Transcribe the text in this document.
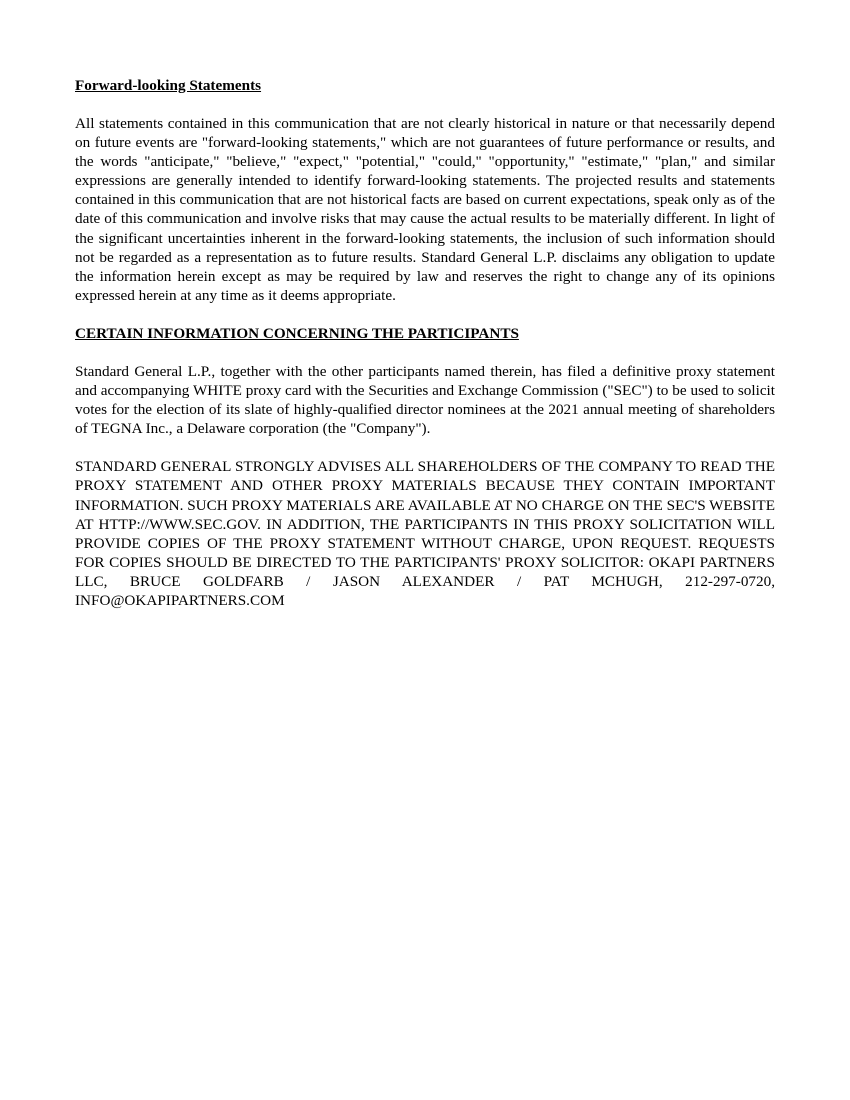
Forward-looking Statements

All statements contained in this communication that are not clearly historical in nature or that necessarily depend on future events are "forward-looking statements," which are not guarantees of future performance or results, and the words "anticipate," "believe," "expect," "potential," "could," "opportunity," "estimate," "plan," and similar expressions are generally intended to identify forward-looking statements. The projected results and statements contained in this communication that are not historical facts are based on current expectations, speak only as of the date of this communication and involve risks that may cause the actual results to be materially different. In light of the significant uncertainties inherent in the forward-looking statements, the inclusion of such information should not be regarded as a representation as to future results. Standard General L.P. disclaims any obligation to update the information herein except as may be required by law and reserves the right to change any of its opinions expressed herein at any time as it deems appropriate.

CERTAIN INFORMATION CONCERNING THE PARTICIPANTS

Standard General L.P., together with the other participants named therein, has filed a definitive proxy statement and accompanying WHITE proxy card with the Securities and Exchange Commission ("SEC") to be used to solicit votes for the election of its slate of highly-qualified director nominees at the 2021 annual meeting of shareholders of TEGNA Inc., a Delaware corporation (the "Company").

STANDARD GENERAL STRONGLY ADVISES ALL SHAREHOLDERS OF THE COMPANY TO READ THE PROXY STATEMENT AND OTHER PROXY MATERIALS BECAUSE THEY CONTAIN IMPORTANT INFORMATION. SUCH PROXY MATERIALS ARE AVAILABLE AT NO CHARGE ON THE SEC'S WEBSITE AT HTTP://WWW.SEC.GOV. IN ADDITION, THE PARTICIPANTS IN THIS PROXY SOLICITATION WILL PROVIDE COPIES OF THE PROXY STATEMENT WITHOUT CHARGE, UPON REQUEST. REQUESTS FOR COPIES SHOULD BE DIRECTED TO THE PARTICIPANTS' PROXY SOLICITOR: OKAPI PARTNERS LLC, BRUCE GOLDFARB / JASON ALEXANDER / PAT MCHUGH, 212-297-0720, INFO@OKAPIPARTNERS.COM
